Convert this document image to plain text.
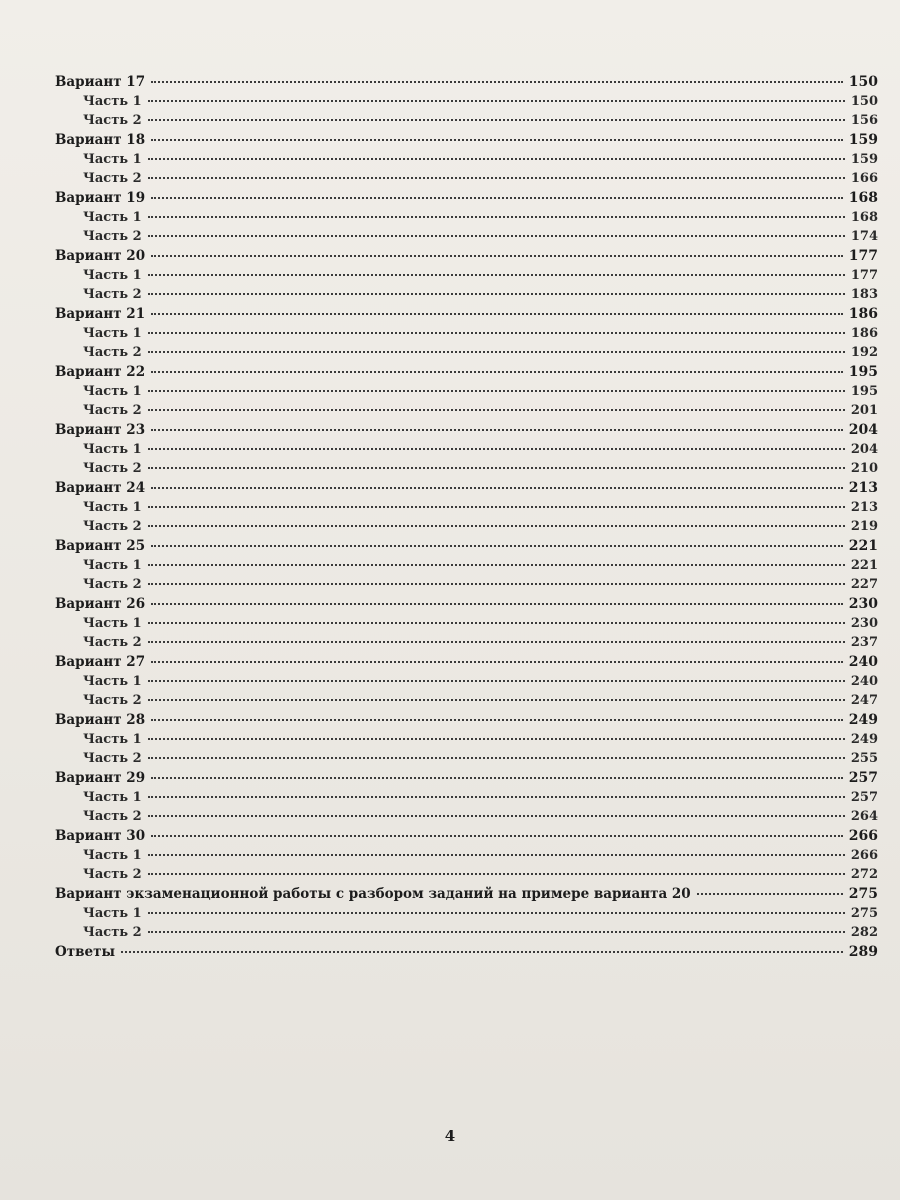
Вариант 17	150
Часть 1	150
Часть 2	156
Вариант 18	159
Часть 1	159
Часть 2	166
Вариант 19	168
Часть 1	168
Часть 2	174
Вариант 20	177
Часть 1	177
Часть 2	183
Вариант 21	186
Часть 1	186
Часть 2	192
Вариант 22	195
Часть 1	195
Часть 2	201
Вариант 23	204
Часть 1	204
Часть 2	210
Вариант 24	213
Часть 1	213
Часть 2	219
Вариант 25	221
Часть 1	221
Часть 2	227
Вариант 26	230
Часть 1	230
Часть 2	237
Вариант 27	240
Часть 1	240
Часть 2	247
Вариант 28	249
Часть 1	249
Часть 2	255
Вариант 29	257
Часть 1	257
Часть 2	264
Вариант 30	266
Часть 1	266
Часть 2	272
Вариант экзаменационной работы с разбором заданий на примере варианта 20	275
Часть 1	275
Часть 2	282
Ответы	289
4
